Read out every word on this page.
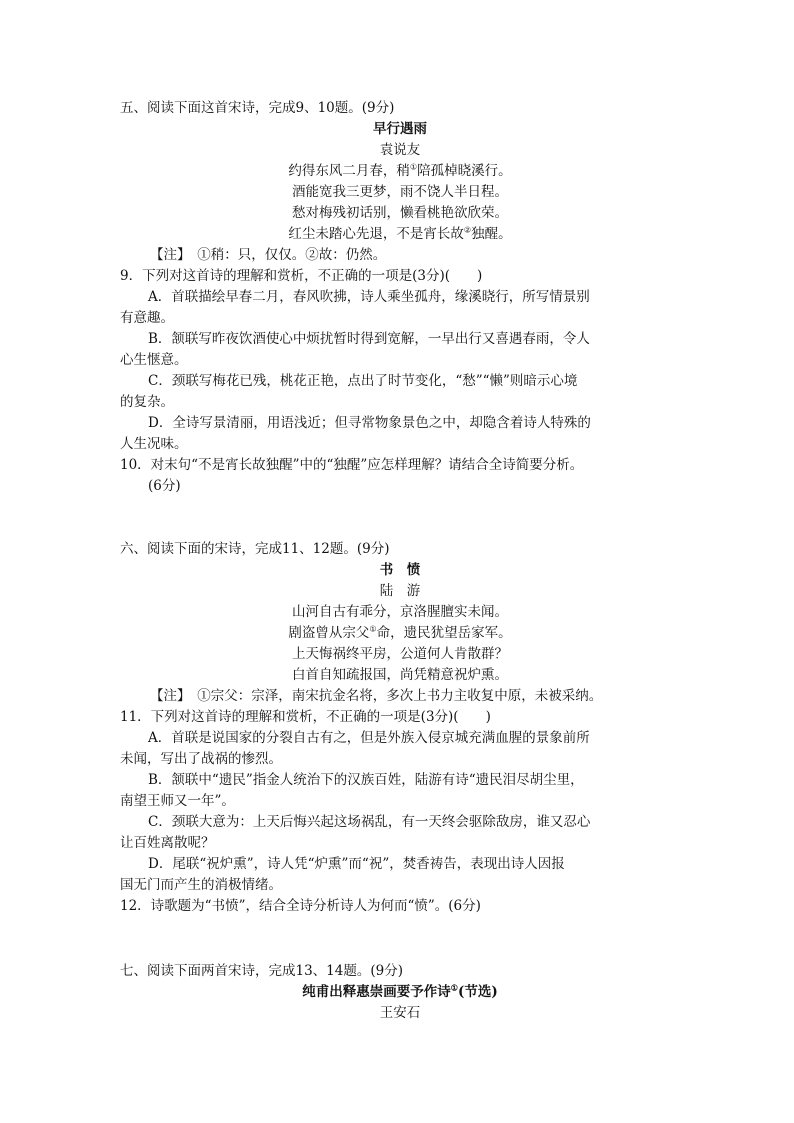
五、阅读下面这首宋诗，完成9、10题。(9分)
早行遇雨
袁说友
约得东风二月春，稍①陪孤棹晓溪行。
酒能宽我三更梦，雨不饶人半日程。
愁对梅残初话别，懒看桃艳欲欣荣。
红尘未踏心先退，不是宵长故②独醒。
【注】　①稍：只，仅仅。②故：仍然。
9．下列对这首诗的理解和赏析，不正确的一项是(3分)(　　)
A．首联描绘早春二月，春风吹拂，诗人乘坐孤舟，缘溪晓行，所写情景别
有意趣。
B．颔联写昨夜饮酒使心中烦扰暂时得到宽解，一早出行又喜遇春雨，令人
心生惬意。
C．颈联写梅花已残，桃花正艳，点出了时节变化，“愁”“懒”则暗示心境
的复杂。
D．全诗写景清丽，用语浅近；但寻常物象景色之中，却隐含着诗人特殊的
人生况味。
10．对末句“不是宵长故独醒”中的“独醒”应怎样理解？请结合全诗简要分析。
(6分)
六、阅读下面的宋诗，完成11、12题。(9分)
书　愤
陆　游
山河自古有乖分，京洛腥膻实未闻。
剧盗曾从宗父①命，遗民犹望岳家军。
上天悔祸终平房，公道何人肯散群？
白首自知疏报国，尚凭精意祝炉熏。
【注】　①宗父：宗泽，南宋抗金名将，多次上书力主收复中原，未被采纳。
11．下列对这首诗的理解和赏析，不正确的一项是(3分)(　　)
A．首联是说国家的分裂自古有之，但是外族入侵京城充满血腥的景象前所
未闻，写出了战祸的惨烈。
B．颔联中“遗民”指金人统治下的汉族百姓，陆游有诗“遗民泪尽胡尘里，
南望王师又一年”。
C．颈联大意为：上天后悔兴起这场祸乱，有一天终会驱除敌房，谁又忍心
让百姓离散呢？
D．尾联“祝炉熏”，诗人凭“炉熏”而“祝”，焚香祷告，表现出诗人因报
国无门而产生的消极情绪。
12．诗歌题为“书愤”，结合全诗分析诗人为何而“愤”。(6分)
七、阅读下面两首宋诗，完成13、14题。(9分)
纯甫出释惠崇画要予作诗①(节选)
王安石
